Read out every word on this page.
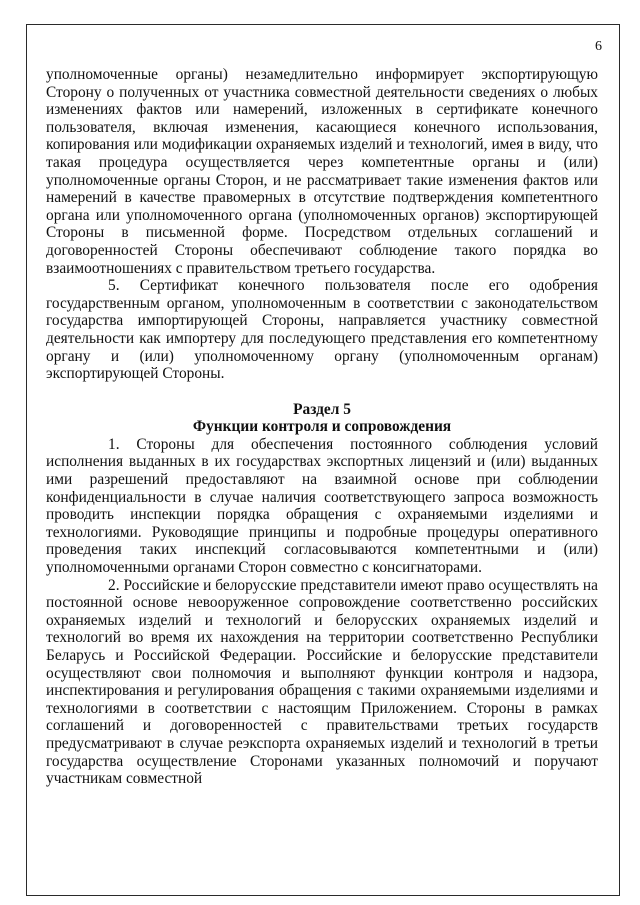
6

уполномоченные органы) незамедлительно информирует экспортирующую Сторону о полученных от участника совместной деятельности сведениях о любых изменениях фактов или намерений, изложенных в сертификате конечного пользователя, включая изменения, касающиеся конечного использования, копирования или модификации охраняемых изделий и технологий, имея в виду, что такая процедура осуществляется через компетентные органы и (или) уполномоченные органы Сторон, и не рассматривает такие изменения фактов или намерений в качестве правомерных в отсутствие подтверждения компетентного органа или уполномоченного органа (уполномоченных органов) экспортирующей Стороны в письменной форме. Посредством отдельных соглашений и договоренностей Стороны обеспечивают соблюдение такого порядка во взаимоотношениях с правительством третьего государства.

5. Сертификат конечного пользователя после его одобрения государственным органом, уполномоченным в соответствии с законодательством государства импортирующей Стороны, направляется участнику совместной деятельности как импортеру для последующего представления его компетентному органу и (или) уполномоченному органу (уполномоченным органам) экспортирующей Стороны.

Раздел 5

Функции контроля и сопровождения

1. Стороны для обеспечения постоянного соблюдения условий исполнения выданных в их государствах экспортных лицензий и (или) выданных ими разрешений предоставляют на взаимной основе при соблюдении конфиденциальности в случае наличия соответствующего запроса возможность проводить инспекции порядка обращения с охраняемыми изделиями и технологиями. Руководящие принципы и подробные процедуры оперативного проведения таких инспекций согласовываются компетентными и (или) уполномоченными органами Сторон совместно с консигнаторами.

2. Российские и белорусские представители имеют право осуществлять на постоянной основе невооруженное сопровождение соответственно российских охраняемых изделий и технологий и белорусских охраняемых изделий и технологий во время их нахождения на территории соответственно Республики Беларусь и Российской Федерации. Российские и белорусские представители осуществляют свои полномочия и выполняют функции контроля и надзора, инспектирования и регулирования обращения с такими охраняемыми изделиями и технологиями в соответствии с настоящим Приложением. Стороны в рамках соглашений и договоренностей с правительствами третьих государств предусматривают в случае реэкспорта охраняемых изделий и технологий в третьи государства осуществление Сторонами указанных полномочий и поручают участникам совместной
